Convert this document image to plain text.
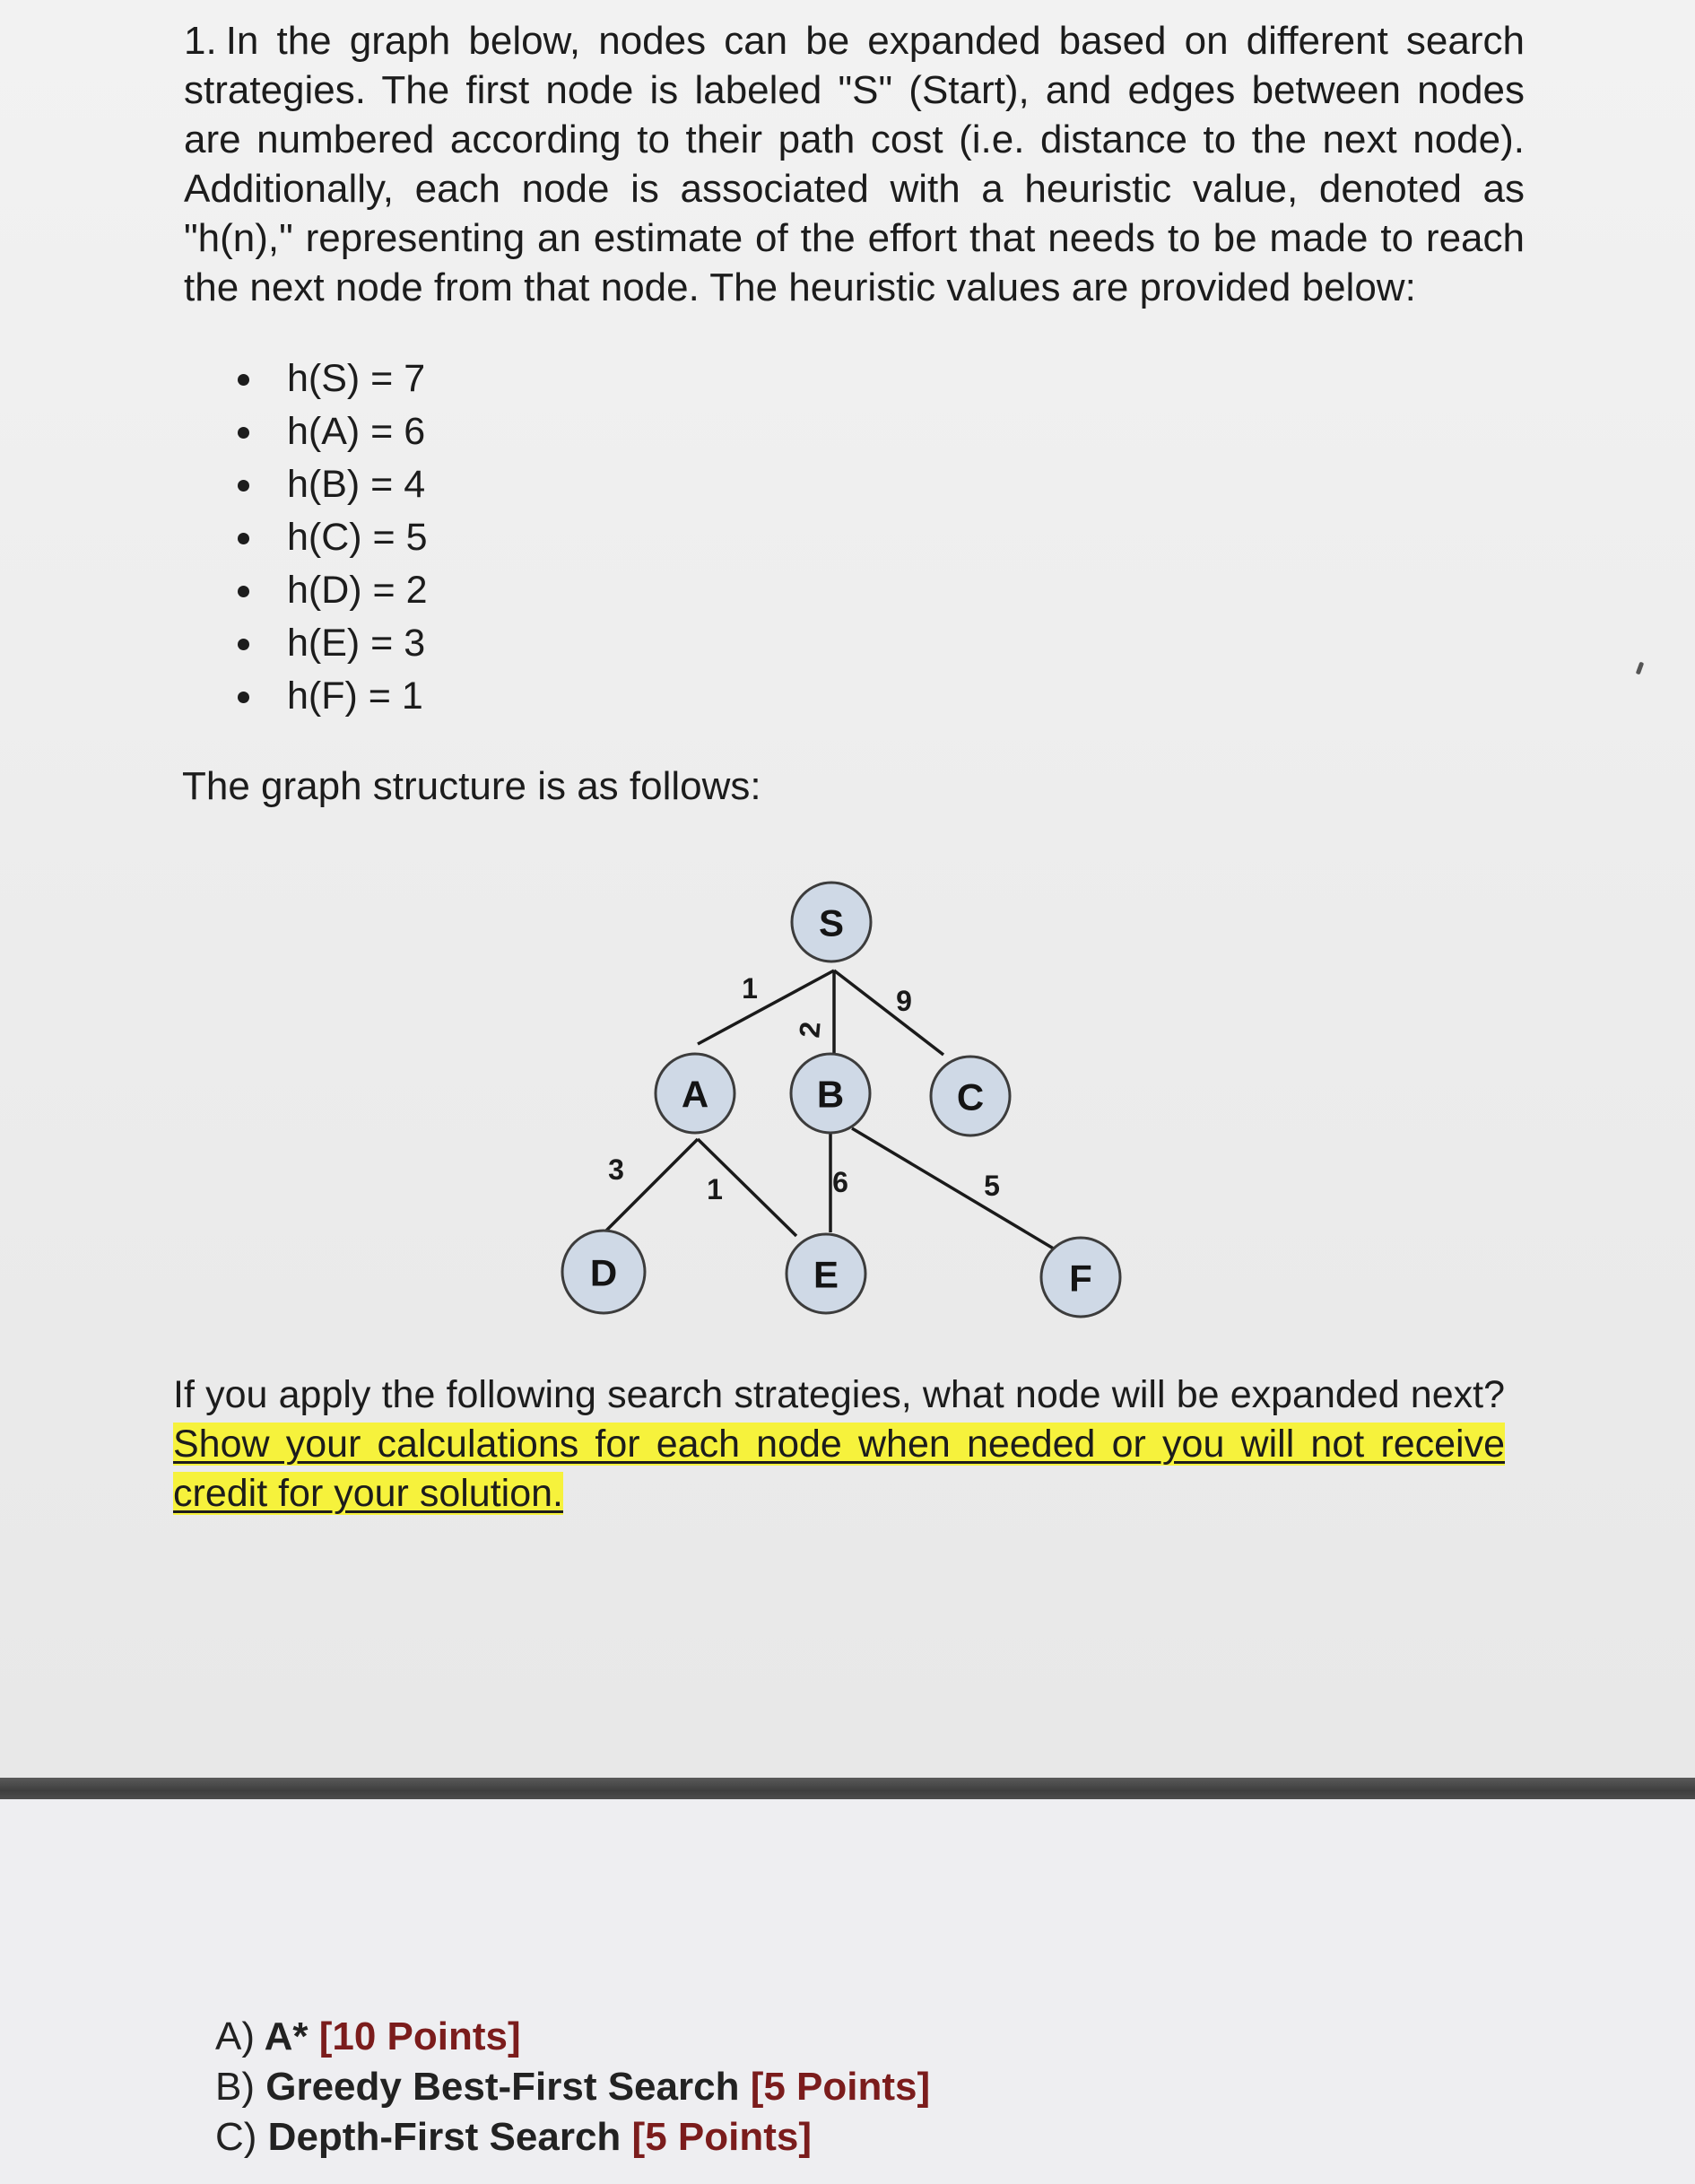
1. In the graph below, nodes can be expanded based on different search strategies. The first node is labeled "S" (Start), and edges between nodes are numbered according to their path cost (i.e. distance to the next node). Additionally, each node is associated with a heuristic value, denoted as "h(n)," representing an estimate of the effort that needs to be made to reach the next node from that node. The heuristic values are provided below:

h(S) = 7
h(A) = 6
h(B) = 4
h(C) = 5
h(D) = 2
h(E) = 3
h(F) = 1

The graph structure is as follows:

1
2
9
3
1	6	5
S
A	B	C
D	E	F

If you apply the following search strategies, what node will be expanded next? Show your calculations for each node when needed or you will not receive credit for your solution.

A) A* [10 Points]
B) Greedy Best-First Search [5 Points]
C) Depth-First Search [5 Points]
